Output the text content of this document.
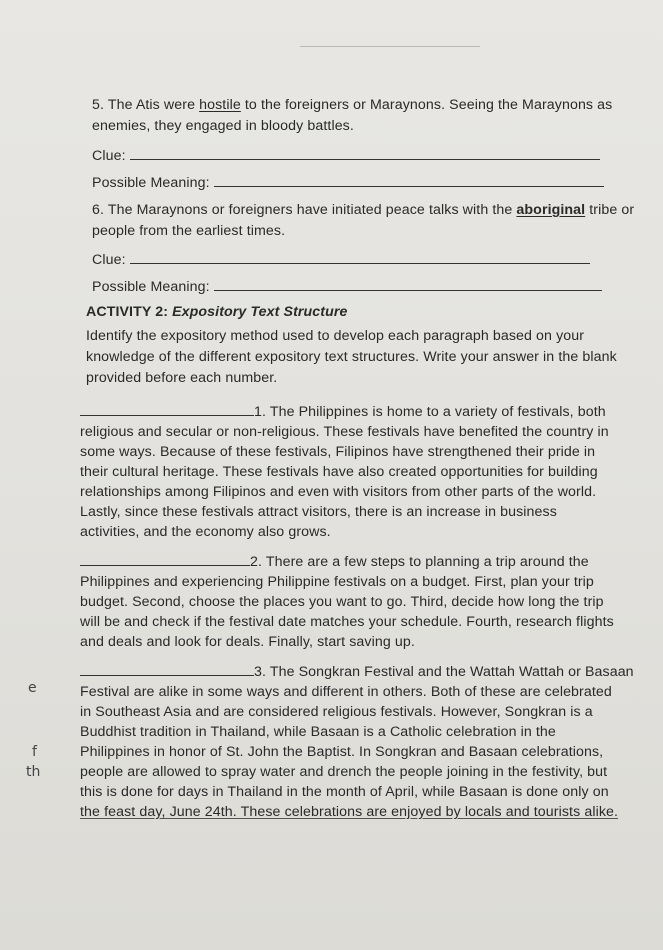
5. The Atis were hostile to the foreigners or Maraynons. Seeing the Maraynons as
enemies, they engaged in bloody battles.
Clue:
Possible Meaning:
6. The Maraynons or foreigners have initiated peace talks with the aboriginal tribe or
people from the earliest times.
Clue:
Possible Meaning:
ACTIVITY 2: Expository Text Structure
Identify the expository method used to develop each paragraph based on your
knowledge of the different expository text structures. Write your answer in the blank
provided before each number.
1. The Philippines is home to a variety of festivals, both
religious and secular or non-religious. These festivals have benefited the country in
some ways. Because of these festivals, Filipinos have strengthened their pride in
their cultural heritage. These festivals have also created opportunities for building
relationships among Filipinos and even with visitors from other parts of the world.
Lastly, since these festivals attract visitors, there is an increase in business
activities, and the economy also grows.
2. There are a few steps to planning a trip around the
Philippines and experiencing Philippine festivals on a budget. First, plan your trip
budget. Second, choose the places you want to go. Third, decide how long the trip
will be and check if the festival date matches your schedule. Fourth, research flights
and deals and look for deals. Finally, start saving up.
3. The Songkran Festival and the Wattah Wattah or Basaan
Festival are alike in some ways and different in others. Both of these are celebrated
in Southeast Asia and are considered religious festivals. However, Songkran is a
Buddhist tradition in Thailand, while Basaan is a Catholic celebration in the
Philippines in honor of St. John the Baptist. In Songkran and Basaan celebrations,
people are allowed to spray water and drench the people joining in the festivity, but
this is done for days in Thailand in the month of April, while Basaan is done only on
the feast day, June 24th. These celebrations are enjoyed by locals and tourists alike.
e
f
th
